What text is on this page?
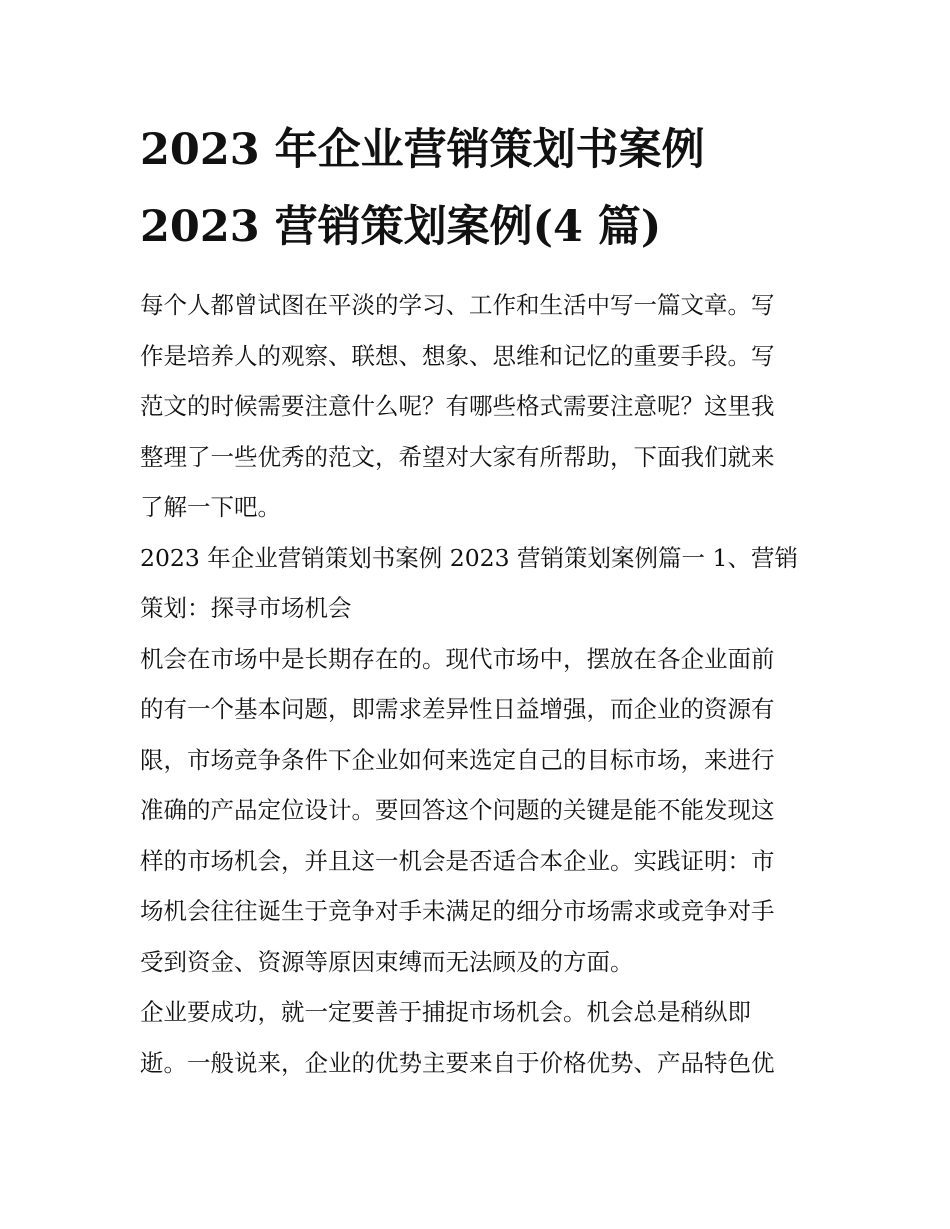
2023 年企业营销策划书案例
2023 营销策划案例(4 篇)

每个人都曾试图在平淡的学习、工作和生活中写一篇文章。写
作是培养人的观察、联想、想象、思维和记忆的重要手段。写
范文的时候需要注意什么呢？有哪些格式需要注意呢？这里我
整理了一些优秀的范文，希望对大家有所帮助，下面我们就来
了解一下吧。

2023 年企业营销策划书案例 2023 营销策划案例篇一 1、营销
策划：探寻市场机会

机会在市场中是长期存在的。现代市场中，摆放在各企业面前
的有一个基本问题，即需求差异性日益增强，而企业的资源有
限，市场竞争条件下企业如何来选定自己的目标市场，来进行
准确的产品定位设计。要回答这个问题的关键是能不能发现这
样的市场机会，并且这一机会是否适合本企业。实践证明：市
场机会往往诞生于竞争对手未满足的细分市场需求或竞争对手
受到资金、资源等原因束缚而无法顾及的方面。

企业要成功，就一定要善于捕捉市场机会。机会总是稍纵即
逝。一般说来，企业的优势主要来自于价格优势、产品特色优
